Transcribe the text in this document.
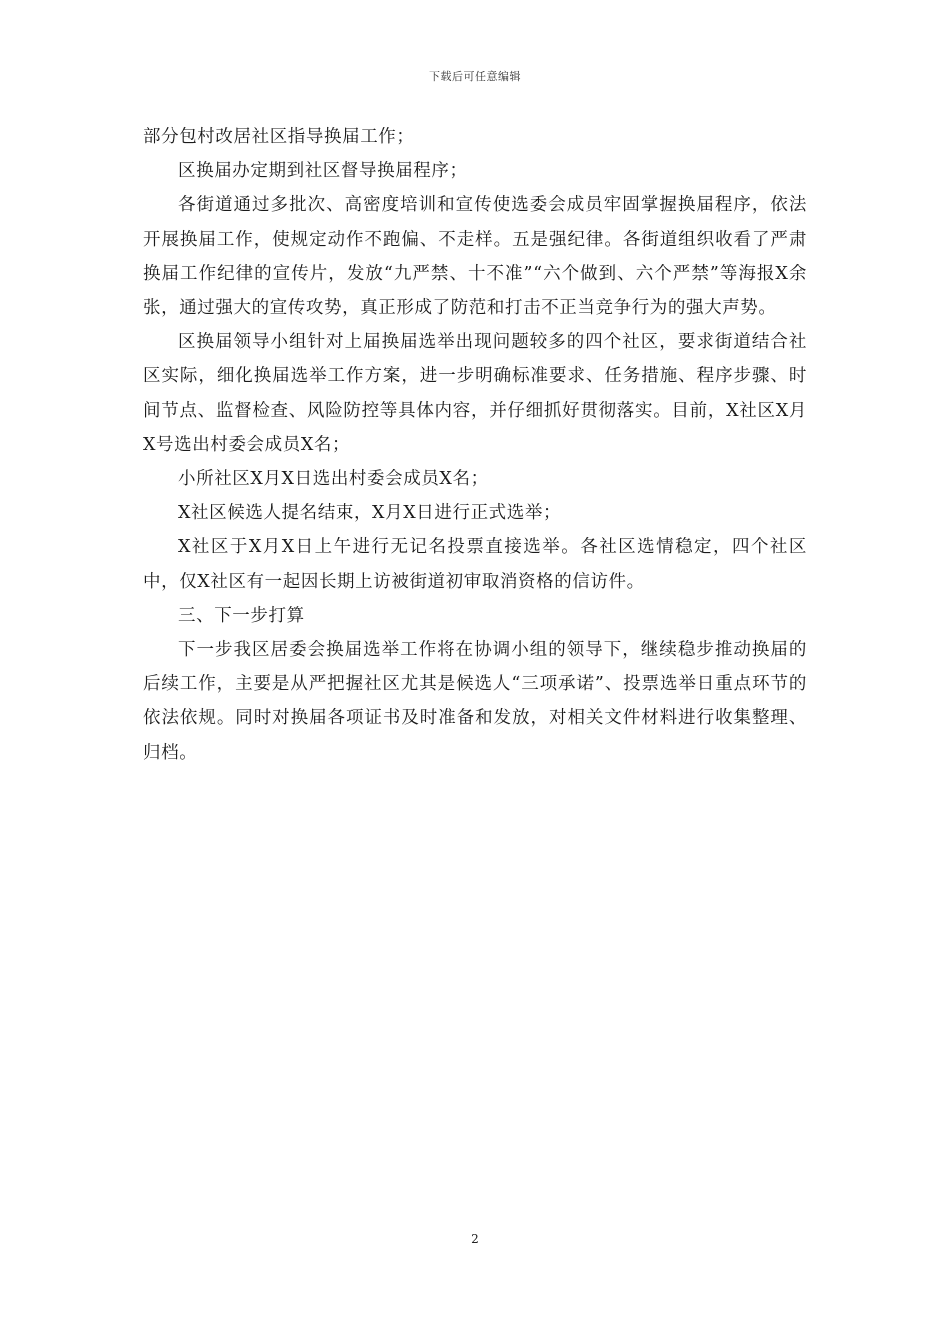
下载后可任意编辑

部分包村改居社区指导换届工作；

区换届办定期到社区督导换届程序；

各街道通过多批次、高密度培训和宣传使选委会成员牢固掌握换届程序，依法开展换届工作，使规定动作不跑偏、不走样。五是强纪律。各街道组织收看了严肃换届工作纪律的宣传片，发放“九严禁、十不准”“六个做到、六个严禁”等海报X余张，通过强大的宣传攻势，真正形成了防范和打击不正当竞争行为的强大声势。

区换届领导小组针对上届换届选举出现问题较多的四个社区，要求街道结合社区实际，细化换届选举工作方案，进一步明确标准要求、任务措施、程序步骤、时间节点、监督检查、风险防控等具体内容，并仔细抓好贯彻落实。目前，X社区X月X号选出村委会成员X名；

小所社区X月X日选出村委会成员X名；

X社区候选人提名结束，X月X日进行正式选举；

X社区于X月X日上午进行无记名投票直接选举。各社区选情稳定，四个社区中，仅X社区有一起因长期上访被街道初审取消资格的信访件。

三、下一步打算

下一步我区居委会换届选举工作将在协调小组的领导下，继续稳步推动换届的后续工作，主要是从严把握社区尤其是候选人“三项承诺”、投票选举日重点环节的依法依规。同时对换届各项证书及时准备和发放，对相关文件材料进行收集整理、归档。

2
